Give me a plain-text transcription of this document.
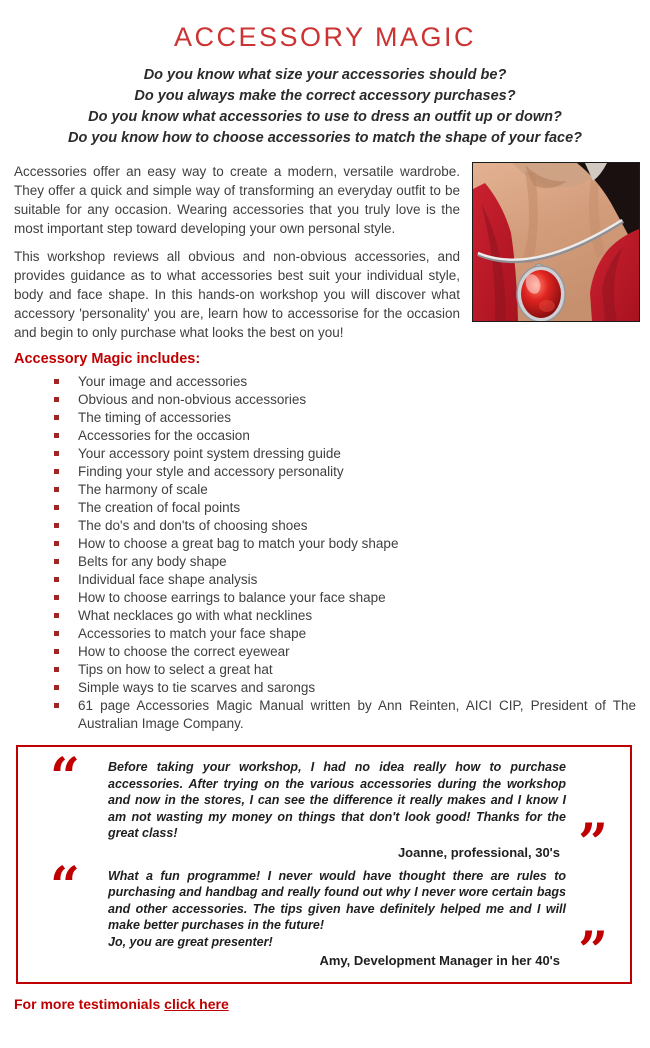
ACCESSORY MAGIC
Do you know what size your accessories should be?
Do you always make the correct accessory purchases?
Do you know what accessories to use to dress an outfit up or down?
Do you know how to choose accessories to match the shape of your face?

Accessories offer an easy way to create a modern, versatile wardrobe. They offer a quick and simple way of transforming an everyday outfit to be suitable for any occasion. Wearing accessories that you truly love is the most important step toward developing your own personal style.

This workshop reviews all obvious and non-obvious accessories, and provides guidance as to what accessories best suit your individual style, body and face shape. In this hands-on workshop you will discover what accessory 'personality' you are, learn how to accessorise for the occasion and begin to only purchase what looks the best on you!

Accessory Magic includes:
Your image and accessories
Obvious and non-obvious accessories
The timing of accessories
Accessories for the occasion
Your accessory point system dressing guide
Finding your style and accessory personality
The harmony of scale
The creation of focal points
The do's and don'ts of choosing shoes
How to choose a great bag to match your body shape
Belts for any body shape
Individual face shape analysis
How to choose earrings to balance your face shape
What necklaces go with what necklines
Accessories to match your face shape
How to choose the correct eyewear
Tips on how to select a great hat
Simple ways to tie scarves and sarongs
61 page Accessories Magic Manual written by Ann Reinten, AICI CIP, President of The Australian Image Company.
“ Before taking your workshop, I had no idea really how to purchase accessories. After trying on the various accessories during the workshop and now in the stores, I can see the difference it really makes and I know I am not wasting my money on things that don't look good! Thanks for the great class!
Joanne, professional, 30's ”
“ What a fun programme! I never would have thought there are rules to purchasing and handbag and really found out why I never wore certain bags and other accessories. The tips given have definitely helped me and I will make better purchases in the future!
Jo, you are great presenter!
Amy, Development Manager in her 40's ”
For more testimonials click here
